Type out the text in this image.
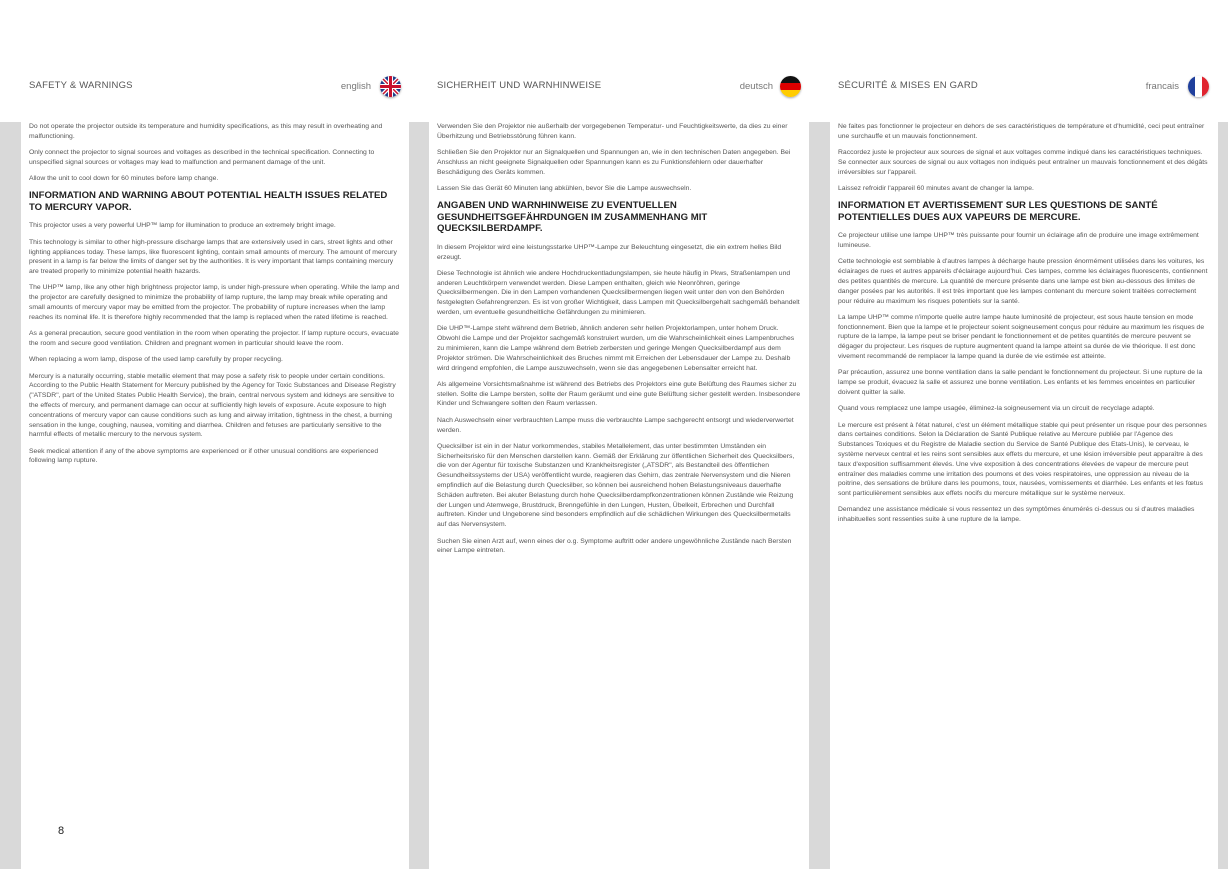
SAFETY & WARNINGS	english	SICHERHEIT UND WARNHINWEISE	deutsch	SÉCURITÉ & MISES EN GARD	francais

Do not operate the projector outside its temperature and humidity specifications, as this may result in overheating and malfunctioning.

Only connect the projector to signal sources and voltages as described in the technical specification. Connecting to unspecified signal sources or voltages may lead to malfunction and permanent damage of the unit.

Allow the unit to cool down for 60 minutes before lamp change.

INFORMATION AND WARNING ABOUT POTENTIAL HEALTH ISSUES RELATED TO MERCURY VAPOR.

This projector uses a very powerful UHP™ lamp for illumination to produce an extremely bright image.

This technology is similar to other high-pressure discharge lamps that are extensively used in cars, street lights and other lighting appliances today. These lamps, like fluorescent lighting, contain small amounts of mercury. The amount of mercury present in a lamp is far below the limits of danger set by the authorities. It is very important that lamps containing mercury are treated properly to minimize potential health hazards.

The UHP™ lamp, like any other high brightness projector lamp, is under high-pressure when operating. While the lamp and the projector are carefully designed to minimize the probability of lamp rupture, the lamp may break while operating and small amounts of mercury vapor may be emitted from the projector. The probability of rupture increases when the lamp reaches its nominal life. It is therefore highly recommended that the lamp is replaced when the rated lifetime is reached.

As a general precaution, secure good ventilation in the room when operating the projector. If lamp rupture occurs, evacuate the room and secure good ventilation. Children and pregnant women in particular should leave the room.

When replacing a worn lamp, dispose of the used lamp carefully by proper recycling.

Mercury is a naturally occurring, stable metallic element that may pose a safety risk to people under certain conditions. According to the Public Health Statement for Mercury published by the Agency for Toxic Substances and Disease Registry ("ATSDR", part of the United States Public Health Service), the brain, central nervous system and kidneys are sensitive to the effects of mercury, and permanent damage can occur at sufficiently high levels of exposure. Acute exposure to high concentrations of mercury vapor can cause conditions such as lung and airway irritation, tightness in the chest, a burning sensation in the lunge, coughing, nausea, vomiting and diarrhea. Children and fetuses are particularly sensitive to the harmful effects of metallic mercury to the nervous system.

Seek medical attention if any of the above symptoms are experienced or if other unusual conditions are experienced following lamp rupture.

Verwenden Sie den Projektor nie außerhalb der vorgegebenen Temperatur- und Feuchtigkeitswerte, da dies zu einer Überhitzung und Betriebsstörung führen kann.

Schließen Sie den Projektor nur an Signalquellen und Spannungen an, wie in den technischen Daten angegeben. Bei Anschluss an nicht geeignete Signalquellen oder Spannungen kann es zu Funktionsfehlern oder dauerhafter Beschädigung des Geräts kommen.

Lassen Sie das Gerät 60 Minuten lang abkühlen, bevor Sie die Lampe auswechseln.

ANGABEN UND WARNHINWEISE ZU EVENTUELLEN GESUNDHEITSGEFÄHRDUNGEN IM ZUSAMMENHANG MIT QUECKSILBERDAMPF.

In diesem Projektor wird eine leistungsstarke UHP™-Lampe zur Beleuchtung eingesetzt, die ein extrem helles Bild erzeugt.

Diese Technologie ist ähnlich wie andere Hochdruckentladungslampen, sie heute häufig in Pkws, Straßenlampen und anderen Leuchtkörpern verwendet werden. Diese Lampen enthalten, gleich wie Neonröhren, geringe Quecksilbermengen. Die in den Lampen vorhandenen Quecksilbermengen liegen weit unter den von den Behörden festgelegten Gefahrengrenzen. Es ist von großer Wichtigkeit, dass Lampen mit Quecksilbergehalt sachgemäß behandelt werden, um eventuelle gesundheitliche Gefährdungen zu minimieren.

Die UHP™-Lampe steht während dem Betrieb, ähnlich anderen sehr hellen Projektorlampen, unter hohem Druck. Obwohl die Lampe und der Projektor sachgemäß konstruiert wurden, um die Wahrscheinlichkeit eines Lampenbruches zu minimieren, kann die Lampe während dem Betrieb zerbersten und geringe Mengen Quecksilberdampf aus dem Projektor strömen. Die Wahrscheinlichkeit des Bruches nimmt mit Erreichen der Lebensdauer der Lampe zu. Deshalb wird dringend empfohlen, die Lampe auszuwechseln, wenn sie das angegebenen Lebensalter erreicht hat.

Als allgemeine Vorsichtsmaßnahme ist während des Betriebs des Projektors eine gute Belüftung des Raumes sicher zu stellen. Sollte die Lampe bersten, sollte der Raum geräumt und eine gute Belüftung sicher gestellt werden. Insbesondere Kinder und Schwangere sollten den Raum verlassen.

Nach Auswechseln einer verbrauchten Lampe muss die verbrauchte Lampe sachgerecht entsorgt und wiederverwertet werden.

Quecksilber ist ein in der Natur vorkommendes, stabiles Metallelement, das unter bestimmten Umständen ein Sicherheitsrisko für den Menschen darstellen kann. Gemäß der Erklärung zur öffentlichen Sicherheit des Quecksilbers, die von der Agentur für toxische Substanzen und Krankheitsregister („ATSDR", als Bestandteil des öffentlichen Gesundheitssystems der USA) veröffentlicht wurde, reagieren das Gehirn, das zentrale Nervensystem und die Nieren empfindlich auf die Belastung durch Quecksilber, so können bei ausreichend hohen Belastungsniveaus dauerhafte Schäden auftreten. Bei akuter Belastung durch hohe Quecksilberdampfkonzentrationen können Zustände wie Reizung der Lungen und Atemwege, Brustdruck, Brenngefühle in den Lungen, Husten, Übelkeit, Erbrechen und Durchfall auftreten. Kinder und Ungeborene sind besonders empfindlich auf die schädlichen Wirkungen des Quecksilbermetalls auf das Nervensystem.

Suchen Sie einen Arzt auf, wenn eines der o.g. Symptome auftritt oder andere ungewöhnliche Zustände nach Bersten einer Lampe eintreten.

Ne faites pas fonctionner le projecteur en dehors de ses caractéristiques de température et d'humidité, ceci peut entraîner une surchauffe et un mauvais fonctionnement.

Raccordez juste le projecteur aux sources de signal et aux voltages comme indiqué dans les caractéristiques techniques. Se connecter aux sources de signal ou aux voltages non indiqués peut entraîner un mauvais fonctionnement et des dégâts irréversibles sur l'appareil.

Laissez refroidir l'appareil 60 minutes avant de changer la lampe.

INFORMATION ET AVERTISSEMENT SUR LES QUESTIONS DE SANTÉ POTENTIELLES DUES AUX VAPEURS DE MERCURE.

Ce projecteur utilise une lampe UHP™ très puissante pour fournir un éclairage afin de produire une image extrêmement lumineuse.

Cette technologie est semblable à d'autres lampes à décharge haute pression énormément utilisées dans les voitures, les éclairages de rues et autres appareils d'éclairage aujourd'hui. Ces lampes, comme les éclairages fluorescents, contiennent des petites quantités de mercure. La quantité de mercure présente dans une lampe est bien au-dessous des limites de danger posées par les autorités. Il est très important que les lampes contenant du mercure soient traitées correctement pour réduire au maximum les risques potentiels sur la santé.

La lampe UHP™ comme n'importe quelle autre lampe haute luminosité de projecteur, est sous haute tension en mode fonctionnement. Bien que la lampe et le projecteur soient soigneusement conçus pour réduire au maximum les risques de rupture de la lampe, la lampe peut se briser pendant le fonctionnement et de petites quantités de mercure peuvent se dégager du projecteur. Les risques de rupture augmentent quand la lampe atteint sa durée de vie théorique. Il est donc vivement recommandé de remplacer la lampe quand la durée de vie estimée est atteinte.

Par précaution, assurez une bonne ventilation dans la salle pendant le fonctionnement du projecteur. Si une rupture de la lampe se produit, évacuez la salle et assurez une bonne ventilation. Les enfants et les femmes enceintes en particulier doivent quitter la salle.

Quand vous remplacez une lampe usagée, éliminez-la soigneusement via un circuit de recyclage adapté.

Le mercure est présent à l'état naturel, c'est un élément métallique stable qui peut présenter un risque pour des personnes dans certaines conditions. Selon la Déclaration de Santé Publique relative au Mercure publiée par l'Agence des Substances Toxiques et du Registre de Maladie section du Service de Santé Publique des Etats-Unis), le cerveau, le système nerveux central et les reins sont sensibles aux effets du mercure, et une lésion irréversible peut apparaître à des taux d'exposition suffisamment élevés. Une vive exposition à des concentrations élevées de vapeur de mercure peut entraîner des maladies comme une irritation des poumons et des voies respiratoires, une oppression au niveau de la poitrine, des sensations de brûlure dans les poumons, toux, nausées, vomissements et diarrhée. Les enfants et les fœtus sont particulièrement sensibles aux effets nocifs du mercure métallique sur le système nerveux.

Demandez une assistance médicale si vous ressentez un des symptômes énumérés ci-dessus ou si d'autres maladies inhabituelles sont ressenties suite à une rupture de la lampe.

8
